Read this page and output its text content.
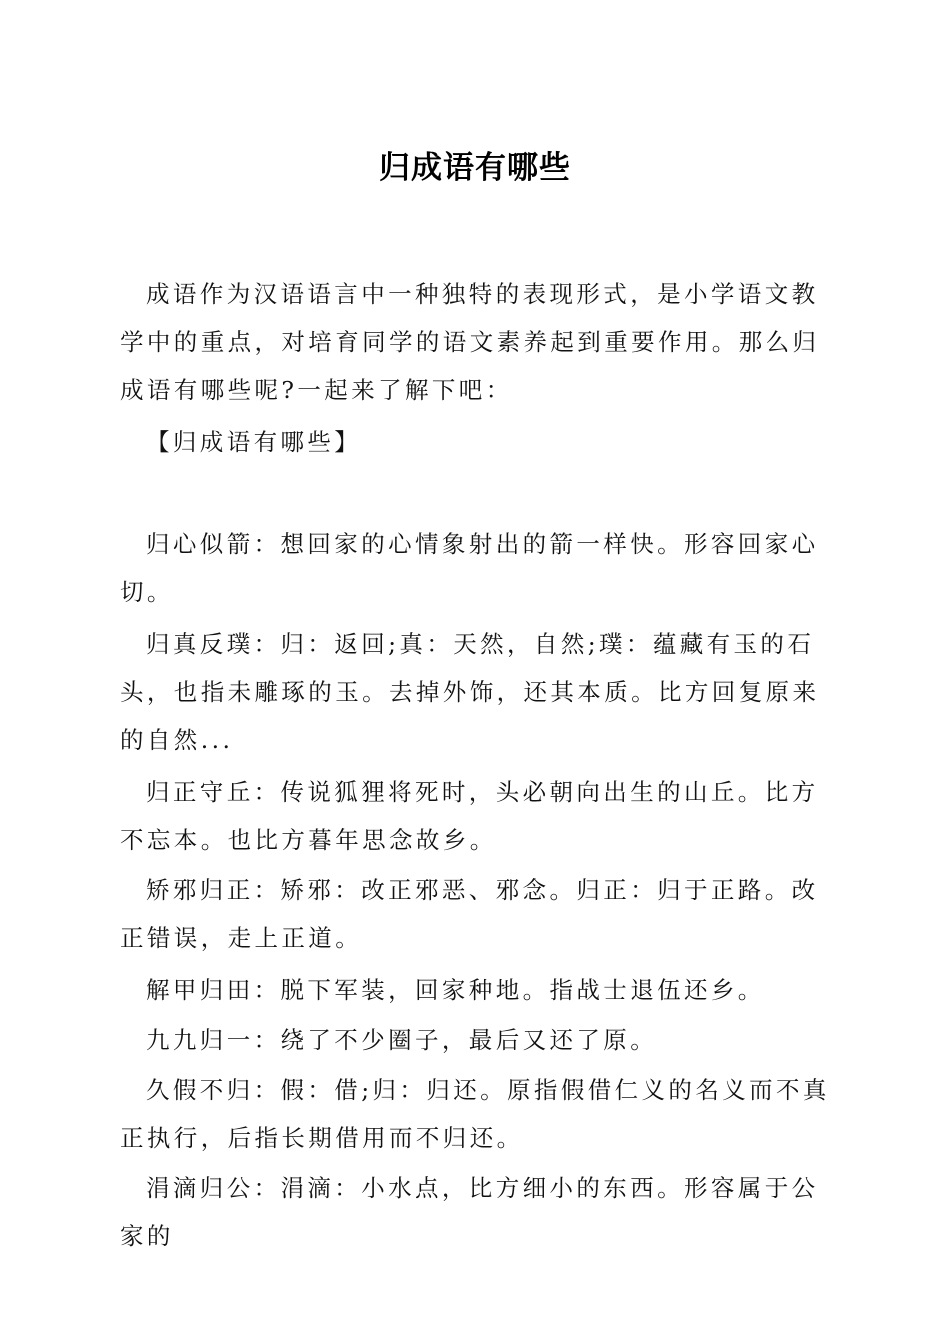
归成语有哪些

成语作为汉语语言中一种独特的表现形式，是小学语文教学中的重点，对培育同学的语文素养起到重要作用。那么归成语有哪些呢?一起来了解下吧：

【归成语有哪些】

归心似箭：想回家的心情象射出的箭一样快。形容回家心切。

归真反璞：归：返回;真：天然，自然;璞：蕴藏有玉的石头，也指未雕琢的玉。去掉外饰，还其本质。比方回复原来的自然...

归正守丘：传说狐狸将死时，头必朝向出生的山丘。比方不忘本。也比方暮年思念故乡。

矫邪归正：矫邪：改正邪恶、邪念。归正：归于正路。改正错误，走上正道。

解甲归田：脱下军装，回家种地。指战士退伍还乡。

九九归一：绕了不少圈子，最后又还了原。

久假不归：假：借;归：归还。原指假借仁义的名义而不真正执行，后指长期借用而不归还。

涓滴归公：涓滴：小水点，比方细小的东西。形容属于公家的
